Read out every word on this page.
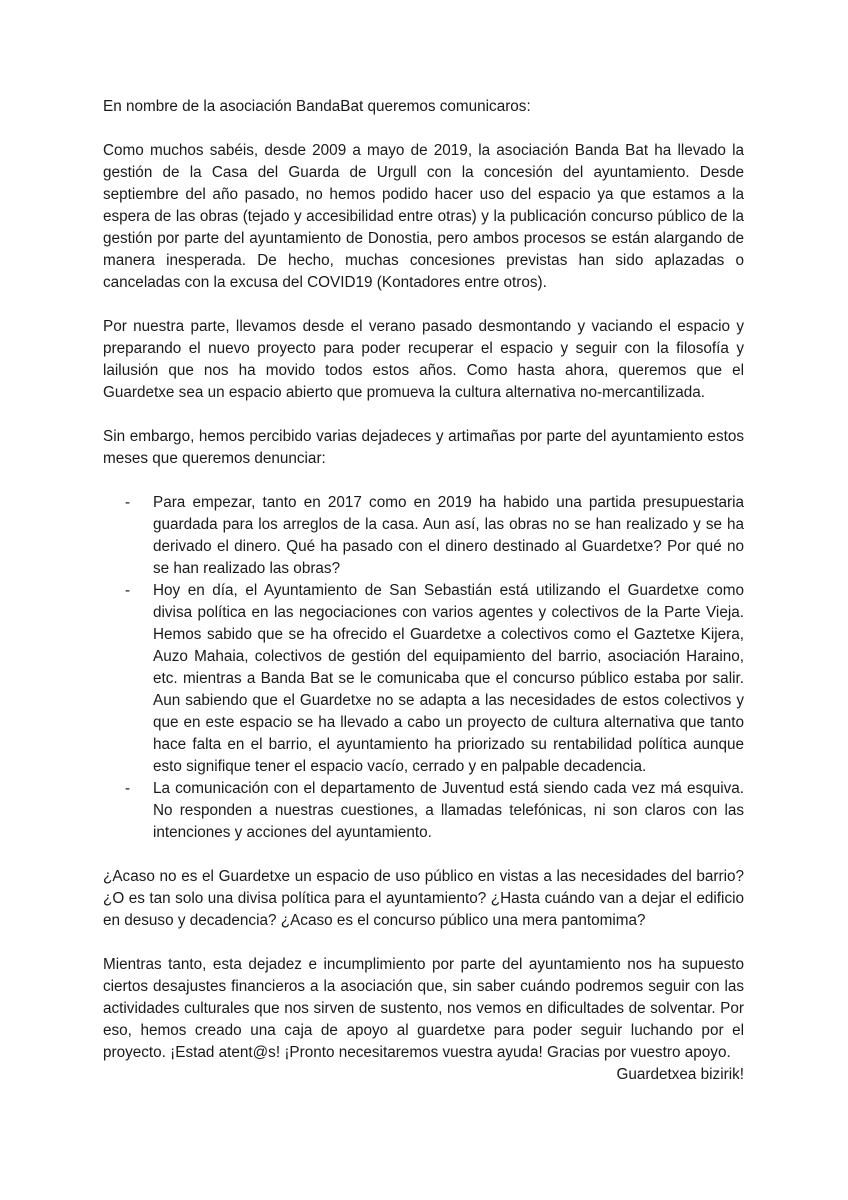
En nombre de la asociación BandaBat queremos comunicaros:

Como muchos sabéis, desde 2009 a mayo de 2019, la asociación Banda Bat ha llevado la gestión de la Casa del Guarda de Urgull con la concesión del ayuntamiento. Desde septiembre del año pasado, no hemos podido hacer uso del espacio ya que estamos a la espera de las obras (tejado y accesibilidad entre otras) y la publicación concurso público de la gestión por parte del ayuntamiento de Donostia, pero ambos procesos se están alargando de manera inesperada. De hecho, muchas concesiones previstas han sido aplazadas o canceladas con la excusa del COVID19 (Kontadores entre otros).

Por nuestra parte, llevamos desde el verano pasado desmontando y vaciando el espacio y preparando el nuevo proyecto para poder recuperar el espacio y seguir con la filosofía y lailusión que nos ha movido todos estos años. Como hasta ahora, queremos que el Guardetxe sea un espacio abierto que promueva la cultura alternativa no-mercantilizada.

Sin embargo, hemos percibido varias dejadeces y artimañas por parte del ayuntamiento estos meses que queremos denunciar:

- Para empezar, tanto en 2017 como en 2019 ha habido una partida presupuestaria guardada para los arreglos de la casa. Aun así, las obras no se han realizado y se ha derivado el dinero. Qué ha pasado con el dinero destinado al Guardetxe? Por qué no se han realizado las obras?
- Hoy en día, el Ayuntamiento de San Sebastián está utilizando el Guardetxe como divisa política en las negociaciones con varios agentes y colectivos de la Parte Vieja. Hemos sabido que se ha ofrecido el Guardetxe a colectivos como el Gaztetxe Kijera, Auzo Mahaia, colectivos de gestión del equipamiento del barrio, asociación Haraino, etc. mientras a Banda Bat se le comunicaba que el concurso público estaba por salir. Aun sabiendo que el Guardetxe no se adapta a las necesidades de estos colectivos y que en este espacio se ha llevado a cabo un proyecto de cultura alternativa que tanto hace falta en el barrio, el ayuntamiento ha priorizado su rentabilidad política aunque esto signifique tener el espacio vacío, cerrado y en palpable decadencia.
- La comunicación con el departamento de Juventud está siendo cada vez má esquiva. No responden a nuestras cuestiones, a llamadas telefónicas, ni son claros con las intenciones y acciones del ayuntamiento.

¿Acaso no es el Guardetxe un espacio de uso público en vistas a las necesidades del barrio? ¿O es tan solo una divisa política para el ayuntamiento? ¿Hasta cuándo van a dejar el edificio en desuso y decadencia? ¿Acaso es el concurso público una mera pantomima?

Mientras tanto, esta dejadez e incumplimiento por parte del ayuntamiento nos ha supuesto ciertos desajustes financieros a la asociación que, sin saber cuándo podremos seguir con las actividades culturales que nos sirven de sustento, nos vemos en dificultades de solventar. Por eso, hemos creado una caja de apoyo al guardetxe para poder seguir luchando por el proyecto. ¡Estad atent@s! ¡Pronto necesitaremos vuestra ayuda! Gracias por vuestro apoyo.

Guardetxea bizirik!
